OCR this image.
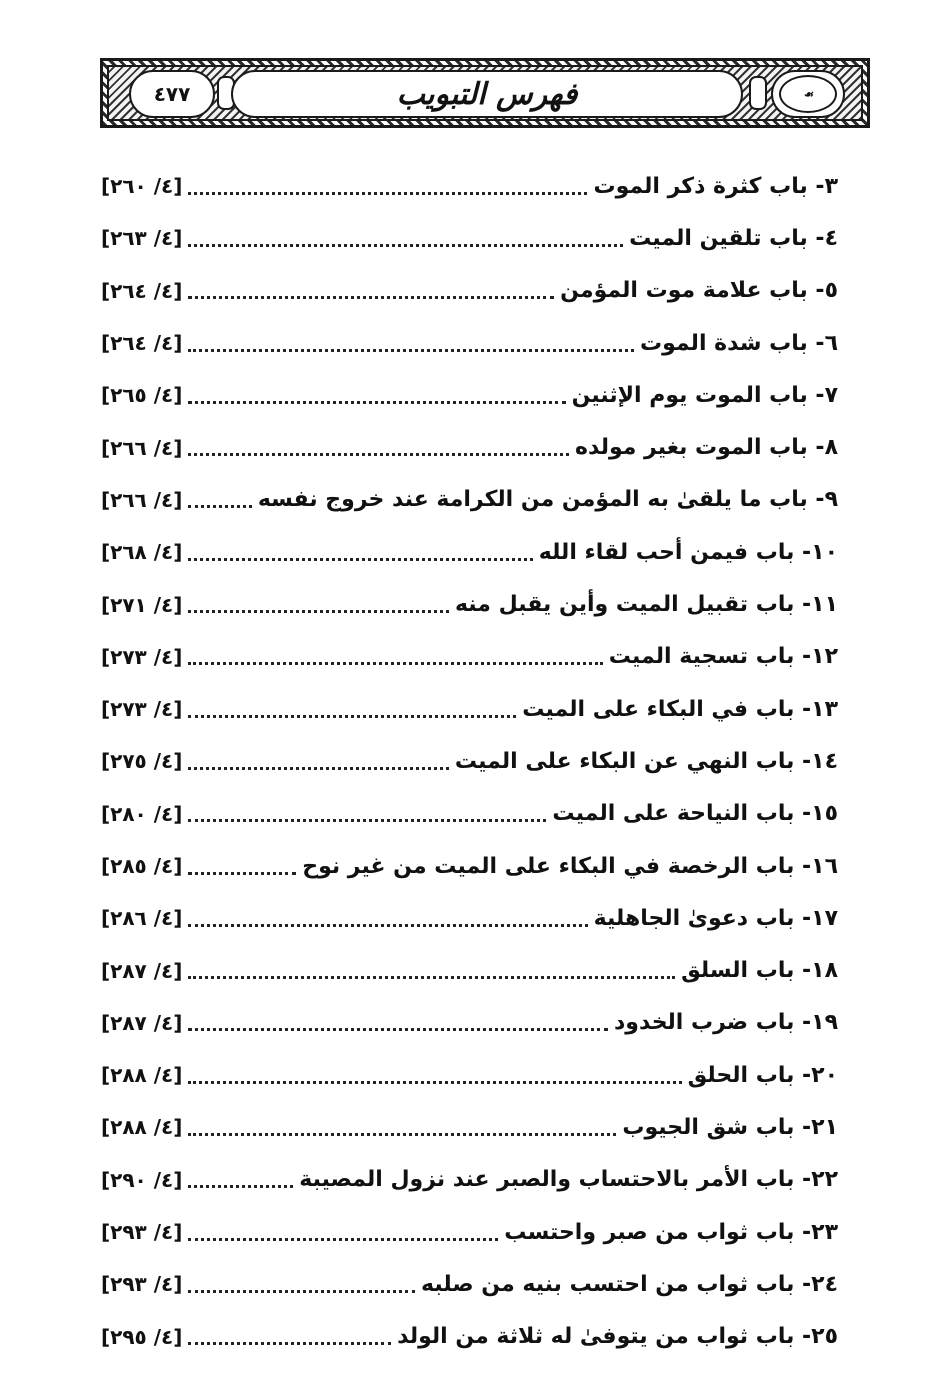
٤٧٧	فهرس التبويب	☙
[٤/ ٢٦٠]	٣- باب كثرة ذكر الموت
[٤/ ٢٦٣]	٤- باب تلقين الميت
[٤/ ٢٦٤]	٥- باب علامة موت المؤمن
[٤/ ٢٦٤]	٦- باب شدة الموت
[٤/ ٢٦٥]	٧- باب الموت يوم الإثنين
[٤/ ٢٦٦]	٨- باب الموت بغير مولده
[٤/ ٢٦٦]	٩- باب ما يلقىٰ به المؤمن من الكرامة عند خروج نفسه
[٤/ ٢٦٨]	١٠- باب فيمن أحب لقاء الله
[٤/ ٢٧١]	١١- باب تقبيل الميت وأين يقبل منه
[٤/ ٢٧٣]	١٢- باب تسجية الميت
[٤/ ٢٧٣]	١٣- باب في البكاء على الميت
[٤/ ٢٧٥]	١٤- باب النهي عن البكاء على الميت
[٤/ ٢٨٠]	١٥- باب النياحة على الميت
[٤/ ٢٨٥]	١٦- باب الرخصة في البكاء على الميت من غير نوح
[٤/ ٢٨٦]	١٧- باب دعوىٰ الجاهلية
[٤/ ٢٨٧]	١٨- باب السلق
[٤/ ٢٨٧]	١٩- باب ضرب الخدود
[٤/ ٢٨٨]	٢٠- باب الحلق
[٤/ ٢٨٨]	٢١- باب شق الجيوب
[٤/ ٢٩٠]	٢٢- باب الأمر بالاحتساب والصبر عند نزول المصيبة
[٤/ ٢٩٣]	٢٣- باب ثواب من صبر واحتسب
[٤/ ٢٩٣]	٢٤- باب ثواب من احتسب بنيه من صلبه
[٤/ ٢٩٥]	٢٥- باب ثواب من يتوفىٰ له ثلاثة من الولد
